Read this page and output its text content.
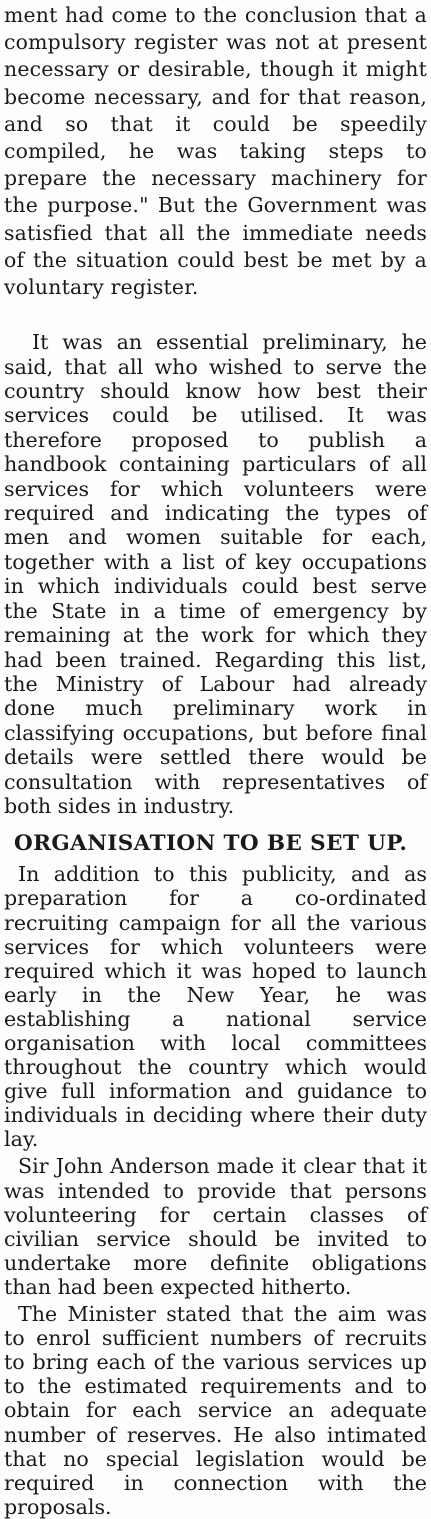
ment had come to the conclusion that a compulsory register was not at present necessary or desirable, though it might become necessary, and for that reason, and so that it could be speedily compiled, he was taking steps to prepare the necessary machinery for the purpose." But the Government was satisfied that all the immediate needs of the situation could best be met by a voluntary register.

It was an essential preliminary, he said, that all who wished to serve the country should know how best their services could be utilised. It was therefore proposed to publish a handbook containing particulars of all services for which volunteers were required and indicating the types of men and women suitable for each, together with a list of key occupations in which individuals could best serve the State in a time of emergency by remaining at the work for which they had been trained. Regarding this list, the Ministry of Labour had already done much preliminary work in classifying occupations, but before final details were settled there would be consultation with representatives of both sides in industry.

ORGANISATION TO BE SET UP.

In addition to this publicity, and as preparation for a co-ordinated recruiting campaign for all the various services for which volunteers were required which it was hoped to launch early in the New Year, he was establishing a national service organisation with local committees throughout the country which would give full information and guidance to individuals in deciding where their duty lay.

Sir John Anderson made it clear that it was intended to provide that persons volunteering for certain classes of civilian service should be invited to undertake more definite obligations than had been expected hitherto.

The Minister stated that the aim was to enrol sufficient numbers of recruits to bring each of the various services up to the estimated requirements and to obtain for each service an adequate number of reserves. He also intimated that no special legislation would be required in connection with the proposals.
